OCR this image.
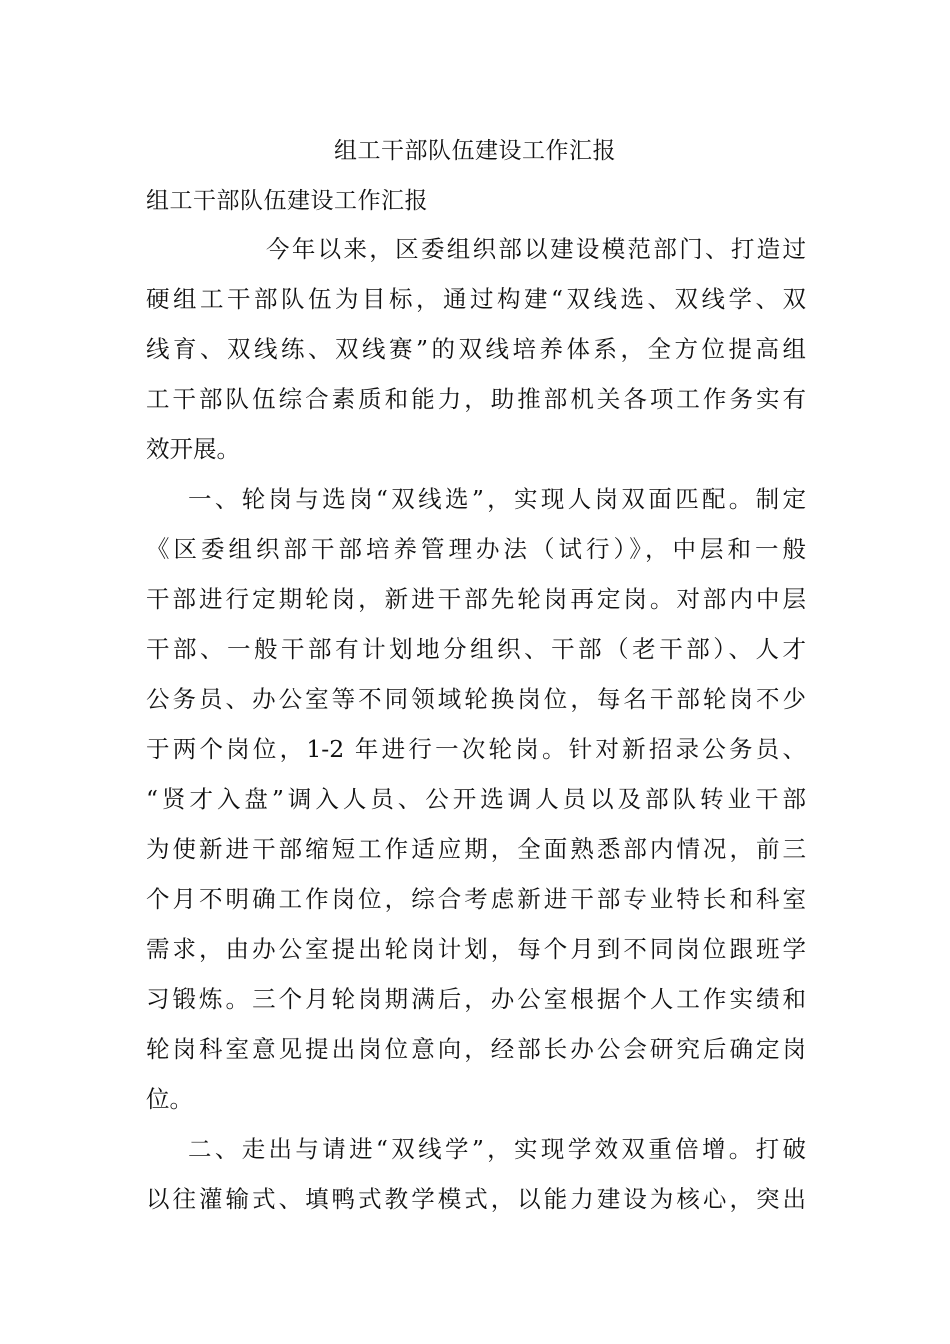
组工干部队伍建设工作汇报
组工干部队伍建设工作汇报
今年以来，区委组织部以建设模范部门、打造过
硬组工干部队伍为目标，通过构建“双线选、双线学、双
线育、双线练、双线赛”的双线培养体系，全方位提高组
工干部队伍综合素质和能力，助推部机关各项工作务实有
效开展。
一、轮岗与选岗“双线选”，实现人岗双面匹配。制定
《区委组织部干部培养管理办法（试行）》，中层和一般
干部进行定期轮岗，新进干部先轮岗再定岗。对部内中层
干部、一般干部有计划地分组织、干部（老干部）、人才
公务员、办公室等不同领域轮换岗位，每名干部轮岗不少
于两个岗位，1-2 年进行一次轮岗。针对新招录公务员、
“贤才入盘”调入人员、公开选调人员以及部队转业干部
为使新进干部缩短工作适应期，全面熟悉部内情况，前三
个月不明确工作岗位，综合考虑新进干部专业特长和科室
需求，由办公室提出轮岗计划，每个月到不同岗位跟班学
习锻炼。三个月轮岗期满后，办公室根据个人工作实绩和
轮岗科室意见提出岗位意向，经部长办公会研究后确定岗
位。
二、走出与请进“双线学”，实现学效双重倍增。打破
以往灌输式、填鸭式教学模式，以能力建设为核心，突出
